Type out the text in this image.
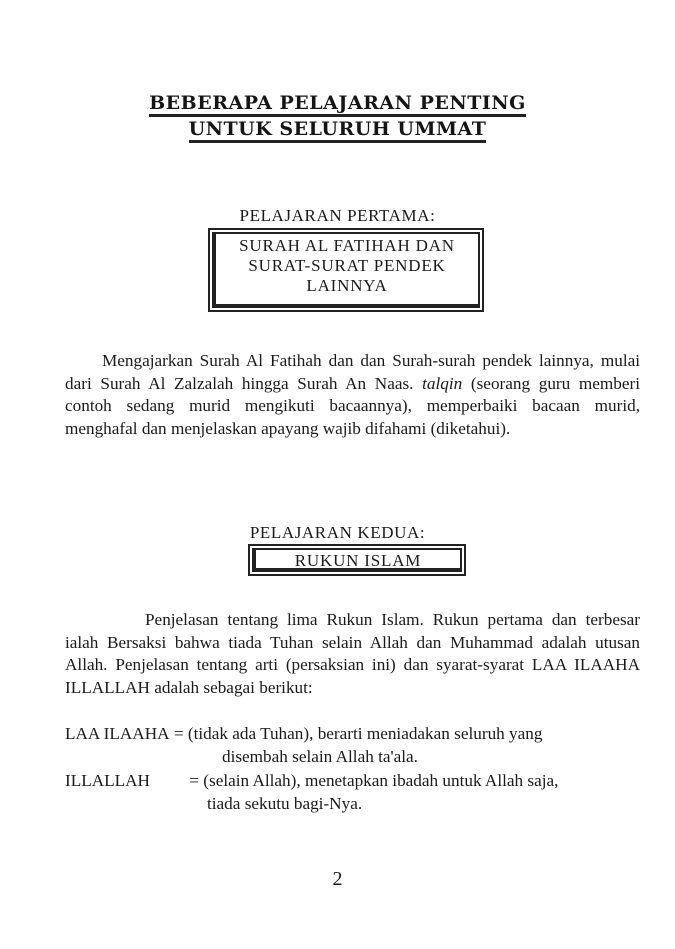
BEBERAPA PELAJARAN PENTING
UNTUK SELURUH UMMAT
PELAJARAN PERTAMA:
SURAH AL FATIHAH DAN
SURAT-SURAT PENDEK
LAINNYA
Mengajarkan Surah Al Fatihah dan dan Surah-surah pendek lainnya, mulai dari Surah Al Zalzalah hingga Surah An Naas. talqin (seorang guru memberi contoh sedang murid mengikuti bacaannya), memperbaiki bacaan murid, menghafal dan menjelaskan apayang wajib difahami (diketahui).
PELAJARAN KEDUA:
RUKUN ISLAM
Penjelasan tentang lima Rukun Islam. Rukun pertama dan terbesar ialah Bersaksi bahwa tiada Tuhan selain Allah dan Muhammad adalah utusan Allah. Penjelasan tentang arti (persaksian ini) dan syarat-syarat LAA ILAAHA ILLALLAH adalah sebagai berikut:
LAA ILAAHA = (tidak ada Tuhan), berarti meniadakan seluruh yang
disembah selain Allah ta'ala.
ILLALLAH = (selain Allah), menetapkan ibadah untuk Allah saja,
tiada sekutu bagi-Nya.
2
